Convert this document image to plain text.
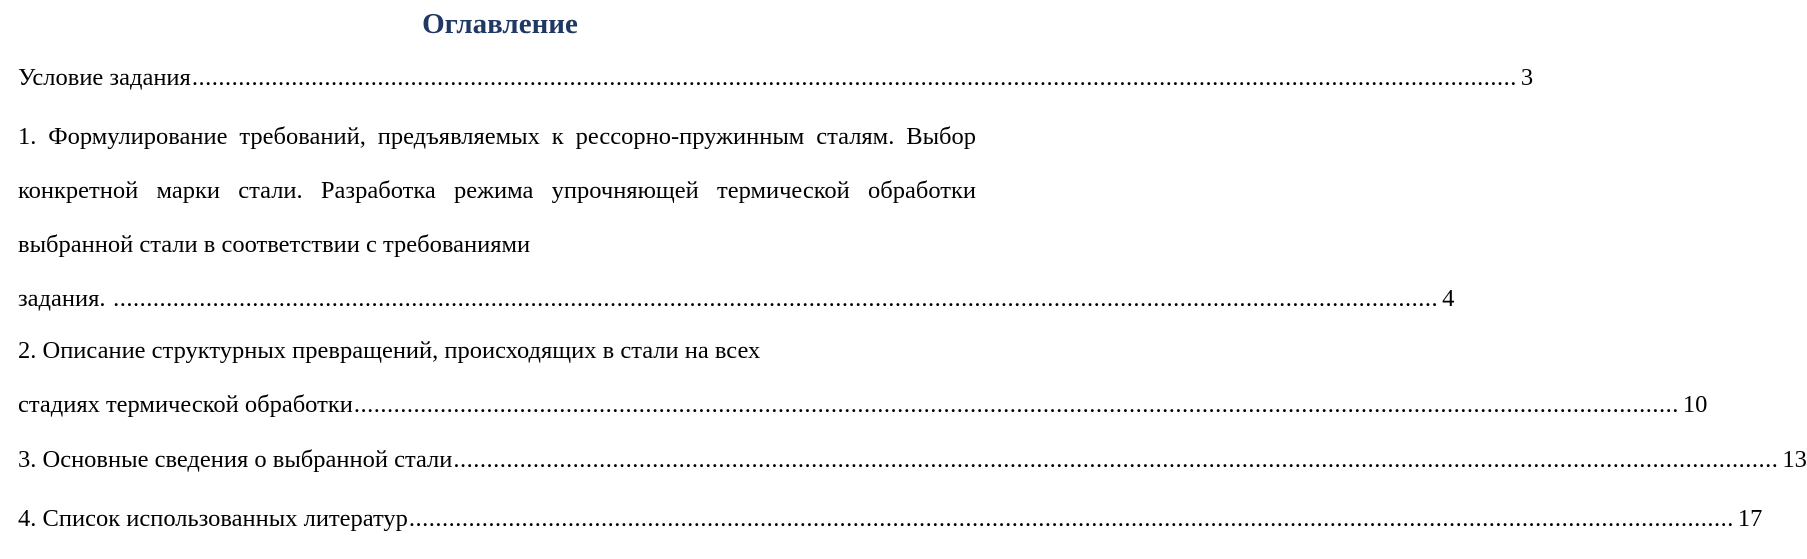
Оглавление
Условие задания ........................................................................................................................................................................................................ 3
1. Формулирование требований, предъявляемых к рессорно-пружинным сталям. Выбор конкретной марки стали. Разработка режима упрочняющей термической обработки выбранной стали в соответствии с требованиями
задания. ........................................................................................................................................................................................................ 4
2. Описание структурных превращений, происходящих в стали на всех
стадиях термической обработки ........................................................................................................................................................................................................ 10
3. Основные сведения о выбранной стали ........................................................................................................................................................................................................ 13
4. Список использованных литератур ........................................................................................................................................................................................................ 17
